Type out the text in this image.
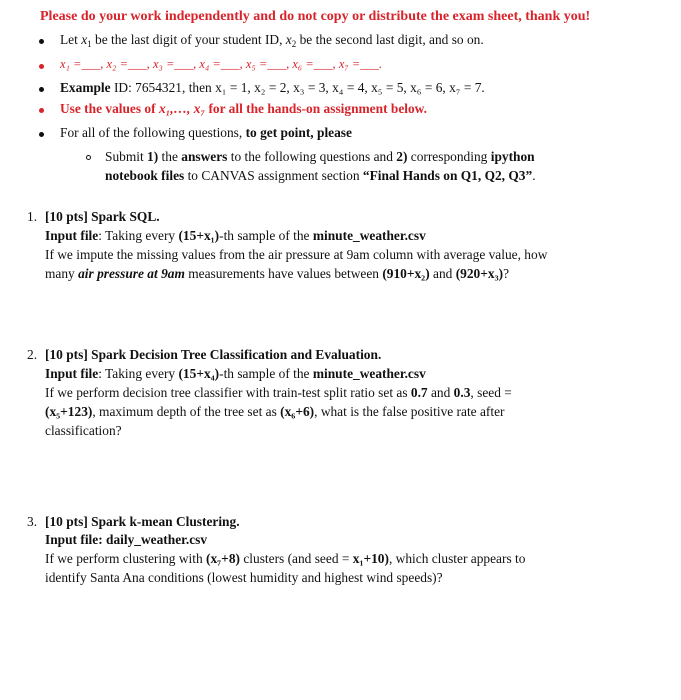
Please do your work independently and do not copy or distribute the exam sheet, thank you!
Let $x_1$ be the last digit of your student ID, $x_2$ be the second last digit, and so on.
x₁ =___, x₂ =___, x₃ =___, x₄ =___, x₅ =___, x₆ =___, x₇ =___.
Example ID: 7654321, then x₁ = 1, x₂ = 2, x₃ = 3, x₄ = 4, x₅ = 5, x₆ = 6, x₇ = 7.
Use the values of x₁,…, x₇ for all the hands-on assignment below.
For all of the following questions, to get point, please
Submit 1) the answers to the following questions and 2) corresponding ipython
notebook files to CANVAS assignment section “Final Hands on Q1, Q2, Q3”.
1. [10 pts] Spark SQL.
Input file: Taking every (15+x₁)-th sample of the minute_weather.csv
If we impute the missing values from the air pressure at 9am column with average value, how
many air pressure at 9am measurements have values between (910+x₂) and (920+x₃)?
2. [10 pts] Spark Decision Tree Classification and Evaluation.
Input file: Taking every (15+x₄)-th sample of the minute_weather.csv
If we perform decision tree classifier with train-test split ratio set as 0.7 and 0.3, seed =
(x₅+123), maximum depth of the tree set as (x₆+6), what is the false positive rate after
classification?
3. [10 pts] Spark k-mean Clustering.
Input file: daily_weather.csv
If we perform clustering with (x₇+8) clusters (and seed = x₁+10), which cluster appears to
identify Santa Ana conditions (lowest humidity and highest wind speeds)?
